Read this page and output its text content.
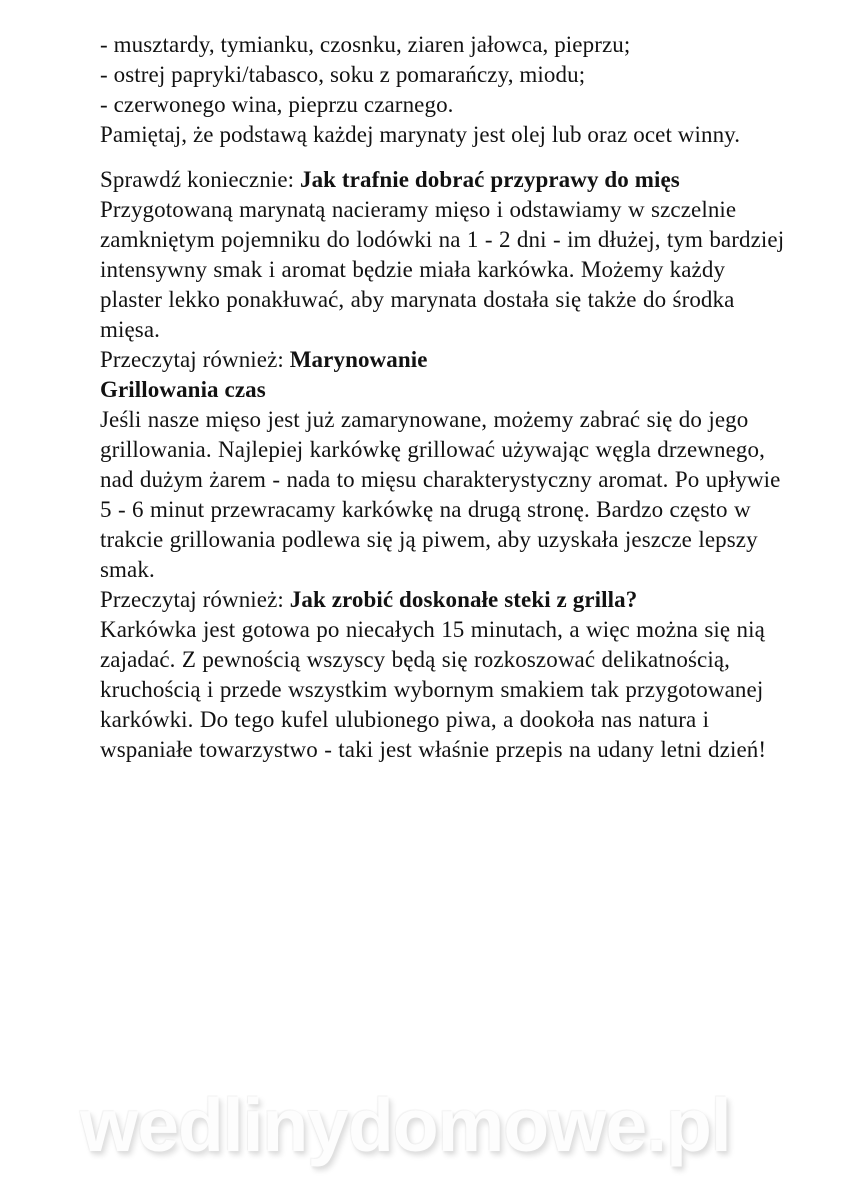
- musztardy, tymianku, czosnku, ziaren jałowca, pieprzu;
- ostrej papryki/tabasco, soku z pomarańczy, miodu;
- czerwonego wina, pieprzu czarnego.
Pamiętaj, że podstawą każdej marynaty jest olej lub oraz ocet winny.
Sprawdź koniecznie: Jak trafnie dobrać przyprawy do mięs
Przygotowaną marynatą nacieramy mięso i odstawiamy w szczelnie zamkniętym pojemniku do lodówki na 1 - 2 dni - im dłużej, tym bardziej intensywny smak i aromat będzie miała karkówka. Możemy każdy plaster lekko ponakłuwać, aby marynata dostała się także do środka mięsa.
Przeczytaj również: Marynowanie
Grillowania czas
Jeśli nasze mięso jest już zamarynowane, możemy zabrać się do jego grillowania. Najlepiej karkówkę grillować używając węgla drzewnego, nad dużym żarem - nada to mięsu charakterystyczny aromat. Po upływie 5 - 6 minut przewracamy karkówkę na drugą stronę. Bardzo często w trakcie grillowania podlewa się ją piwem, aby uzyskała jeszcze lepszy smak.
Przeczytaj również: Jak zrobić doskonałe steki z grilla?
Karkówka jest gotowa po niecałych 15 minutach, a więc można się nią zajadać. Z pewnością wszyscy będą się rozkoszować delikatnością, kruchością i przede wszystkim wybornym smakiem tak przygotowanej karkówki. Do tego kufel ulubionego piwa, a dookoła nas natura i wspaniałe towarzystwo - taki jest właśnie przepis na udany letni dzień!
wedlinydomowe.pl
